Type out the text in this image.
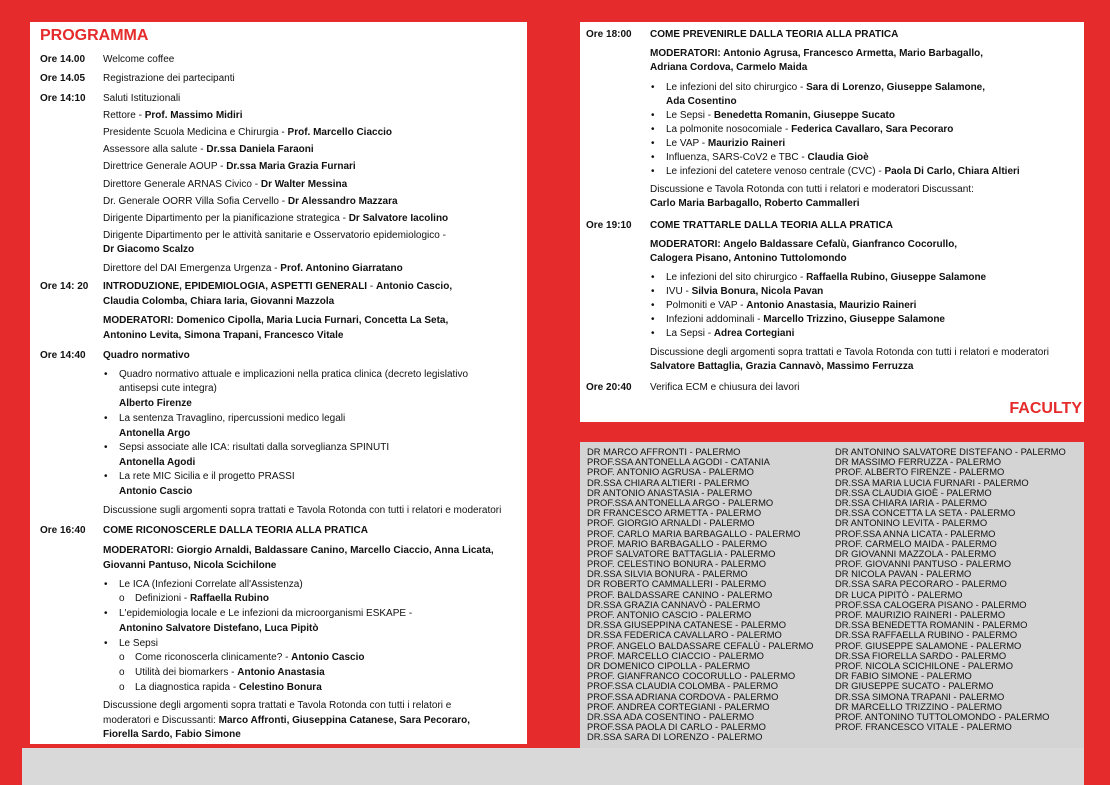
PROGRAMMA
Ore 14.00 Welcome coffee
Ore 14.05 Registrazione dei partecipanti
Ore 14:10 Saluti Istituzionali
Rettore - Prof. Massimo Midiri
Presidente Scuola Medicina e Chirurgia - Prof. Marcello Ciaccio
Assessore alla salute - Dr.ssa Daniela Faraoni
Direttrice Generale AOUP - Dr.ssa Maria Grazia Furnari
Direttore Generale ARNAS Civico - Dr Walter Messina
Dr. Generale OORR Villa Sofia Cervello - Dr Alessandro Mazzara
Dirigente Dipartimento per la pianificazione strategica - Dr Salvatore Iacolino
Dirigente Dipartimento per le attività sanitarie e Osservatorio epidemiologico -
Dr Giacomo Scalzo
Direttore del DAI Emergenza Urgenza - Prof. Antonino Giarratano
Ore 14: 20 INTRODUZIONE, EPIDEMIOLOGIA, ASPETTI GENERALI - Antonio Cascio,
Claudia Colomba, Chiara Iaria, Giovanni Mazzola
MODERATORI: Domenico Cipolla, Maria Lucia Furnari, Concetta La Seta,
Antonino Levita, Simona Trapani, Francesco Vitale
Ore 14:40 Quadro normativo
• Quadro normativo attuale e implicazioni nella pratica clinica (decreto legislativo
antisepsi cute integra)
Alberto Firenze
• La sentenza Travaglino, ripercussioni medico legali
Antonella Argo
• Sepsi associate alle ICA: risultati dalla sorveglianza SPINUTI
Antonella Agodi
• La rete MIC Sicilia e il progetto PRASSI
Antonio Cascio
Discussione sugli argomenti sopra trattati e Tavola Rotonda con tutti i relatori e moderatori
Ore 16:40 COME RICONOSCERLE DALLA TEORIA ALLA PRATICA
MODERATORI: Giorgio Arnaldi, Baldassare Canino, Marcello Ciaccio, Anna Licata,
Giovanni Pantuso, Nicola Scichilone
• Le ICA (Infezioni Correlate all'Assistenza)
o Definizioni - Raffaella Rubino
• L'epidemiologia locale e Le infezioni da microorganismi ESKAPE -
Antonino Salvatore Distefano, Luca Pipitò
• Le Sepsi
o Come riconoscerla clinicamente? - Antonio Cascio
o Utilità dei biomarkers - Antonio Anastasia
o La diagnostica rapida - Celestino Bonura
Discussione degli argomenti sopra trattati e Tavola Rotonda con tutti i relatori e
moderatori e Discussanti: Marco Affronti, Giuseppina Catanese, Sara Pecoraro,
Fiorella Sardo, Fabio Simone
Ore 18:00 COME PREVENIRLE DALLA TEORIA ALLA PRATICA
MODERATORI: Antonio Agrusa, Francesco Armetta, Mario Barbagallo,
Adriana Cordova, Carmelo Maida
• Le infezioni del sito chirurgico - Sara di Lorenzo, Giuseppe Salamone,
Ada Cosentino
• Le Sepsi - Benedetta Romanin, Giuseppe Sucato
• La polmonite nosocomiale - Federica Cavallaro, Sara Pecoraro
• Le VAP - Maurizio Raineri
• Influenza, SARS-CoV2 e TBC - Claudia Gioè
• Le infezioni del catetere venoso centrale (CVC) - Paola Di Carlo, Chiara Altieri
Discussione e Tavola Rotonda con tutti i relatori e moderatori Discussant:
Carlo Maria Barbagallo, Roberto Cammalleri
Ore 19:10 COME TRATTARLE DALLA TEORIA ALLA PRATICA
MODERATORI: Angelo Baldassare Cefalù, Gianfranco Cocorullo,
Calogera Pisano, Antonino Tuttolomondo
• Le infezioni del sito chirurgico - Raffaella Rubino, Giuseppe Salamone
• IVU - Silvia Bonura, Nicola Pavan
• Polmoniti e VAP - Antonio Anastasia, Maurizio Raineri
• Infezioni addominali - Marcello Trizzino, Giuseppe Salamone
• La Sepsi - Adrea Cortegiani
Discussione degli argomenti sopra trattati e Tavola Rotonda con tutti i relatori e moderatori
Salvatore Battaglia, Grazia Cannavò, Massimo Ferruzza
Ore 20:40 Verifica ECM e chiusura dei lavori
FACULTY
DR MARCO AFFRONTI - PALERMO
PROF.SSA ANTONELLA AGODI - CATANIA
PROF. ANTONIO AGRUSA - PALERMO
DR.SSA CHIARA ALTIERI - PALERMO
DR ANTONIO ANASTASIA - PALERMO
PROF.SSA ANTONELLA ARGO - PALERMO
DR FRANCESCO ARMETTA - PALERMO
PROF. GIORGIO ARNALDI - PALERMO
PROF. CARLO MARIA BARBAGALLO - PALERMO
PROF. MARIO BARBAGALLO - PALERMO
PROF SALVATORE BATTAGLIA - PALERMO
PROF. CELESTINO BONURA - PALERMO
DR.SSA SILVIA BONURA - PALERMO
DR ROBERTO CAMMALLERI - PALERMO
PROF. BALDASSARE CANINO - PALERMO
DR.SSA GRAZIA CANNAVÒ - PALERMO
PROF. ANTONIO CASCIO - PALERMO
DR.SSA GIUSEPPINA CATANESE - PALERMO
DR.SSA FEDERICA CAVALLARO - PALERMO
PROF. ANGELO BALDASSARE CEFALÙ - PALERMO
PROF. MARCELLO CIACCIO - PALERMO
DR DOMENICO CIPOLLA - PALERMO
PROF. GIANFRANCO COCORULLO - PALERMO
PROF.SSA CLAUDIA COLOMBA - PALERMO
PROF.SSA ADRIANA CORDOVA - PALERMO
PROF. ANDREA CORTEGIANI - PALERMO
DR.SSA ADA COSENTINO - PALERMO
PROF.SSA PAOLA DI CARLO - PALERMO
DR.SSA SARA DI LORENZO - PALERMO
DR ANTONINO SALVATORE DISTEFANO - PALERMO
DR MASSIMO FERRUZZA - PALERMO
PROF. ALBERTO FIRENZE - PALERMO
DR.SSA MARIA LUCIA FURNARI - PALERMO
DR.SSA CLAUDIA GIOÈ - PALERMO
DR.SSA CHIARA IARIA - PALERMO
DR.SSA CONCETTA LA SETA - PALERMO
DR ANTONINO LEVITA - PALERMO
PROF.SSA ANNA LICATA - PALERMO
PROF. CARMELO MAIDA - PALERMO
DR GIOVANNI MAZZOLA - PALERMO
PROF. GIOVANNI PANTUSO - PALERMO
DR NICOLA PAVAN - PALERMO
DR.SSA SARA PECORARO - PALERMO
DR LUCA PIPITÒ - PALERMO
PROF.SSA CALOGERA PISANO - PALERMO
PROF. MAURIZIO RAINERI - PALERMO
DR.SSA BENEDETTA ROMANIN - PALERMO
DR.SSA RAFFAELLA RUBINO - PALERMO
PROF. GIUSEPPE SALAMONE - PALERMO
DR.SSA FIORELLA SARDO - PALERMO
PROF. NICOLA SCICHILONE - PALERMO
DR FABIO SIMONE - PALERMO
DR GIUSEPPE SUCATO - PALERMO
DR.SSA SIMONA TRAPANI - PALERMO
DR MARCELLO TRIZZINO - PALERMO
PROF. ANTONINO TUTTOLOMONDO - PALERMO
PROF. FRANCESCO VITALE - PALERMO
